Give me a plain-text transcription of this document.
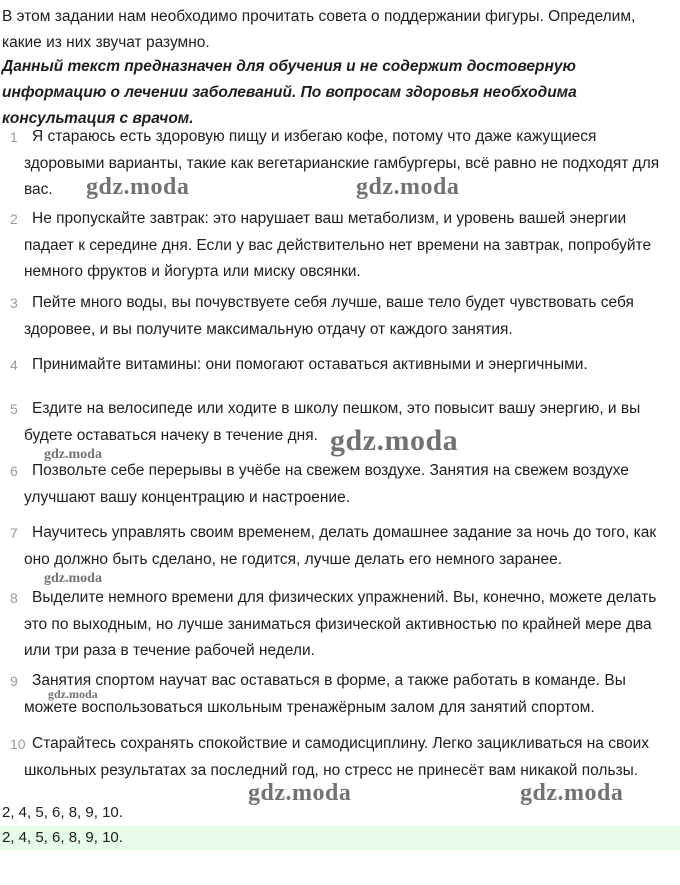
В этом задании нам необходимо прочитать совета о поддержании фигуры. Определим, какие из них звучат разумно.
Данный текст предназначен для обучения и не содержит достоверную информацию о лечении заболеваний. По вопросам здоровья необходима консультация с врачом.
1 Я стараюсь есть здоровую пищу и избегаю кофе, потому что даже кажущиеся здоровыми варианты, такие как вегетарианские гамбургеры, всё равно не подходят для вас.
2 Не пропускайте завтрак: это нарушает ваш метаболизм, и уровень вашей энергии падает к середине дня. Если у вас действительно нет времени на завтрак, попробуйте немного фруктов и йогурта или миску овсянки.
3 Пейте много воды, вы почувствуете себя лучше, ваше тело будет чувствовать себя здоровее, и вы получите максимальную отдачу от каждого занятия.
4 Принимайте витамины: они помогают оставаться активными и энергичными.
5 Ездите на велосипеде или ходите в школу пешком, это повысит вашу энергию, и вы будете оставаться начеку в течение дня.
6 Позвольте себе перерывы в учёбе на свежем воздухе. Занятия на свежем воздухе улучшают вашу концентрацию и настроение.
7 Научитесь управлять своим временем, делать домашнее задание за ночь до того, как оно должно быть сделано, не годится, лучше делать его немного заранее.
8 Выделите немного времени для физических упражнений. Вы, конечно, можете делать это по выходным, но лучше заниматься физической активностью по крайней мере два или три раза в течение рабочей недели.
9 Занятия спортом научат вас оставаться в форме, а также работать в команде. Вы можете воспользоваться школьным тренажёрным залом для занятий спортом.
10 Старайтесь сохранять спокойствие и самодисциплину. Легко зацикливаться на своих школьных результатах за последний год, но стресс не принесёт вам никакой пользы.
2, 4, 5, 6, 8, 9, 10.
2, 4, 5, 6, 8, 9, 10.
gdz.moda	gdz.moda
gdz.moda
gdz.moda
gdz.moda
gdz.moda
gdz.moda	gdz.moda
